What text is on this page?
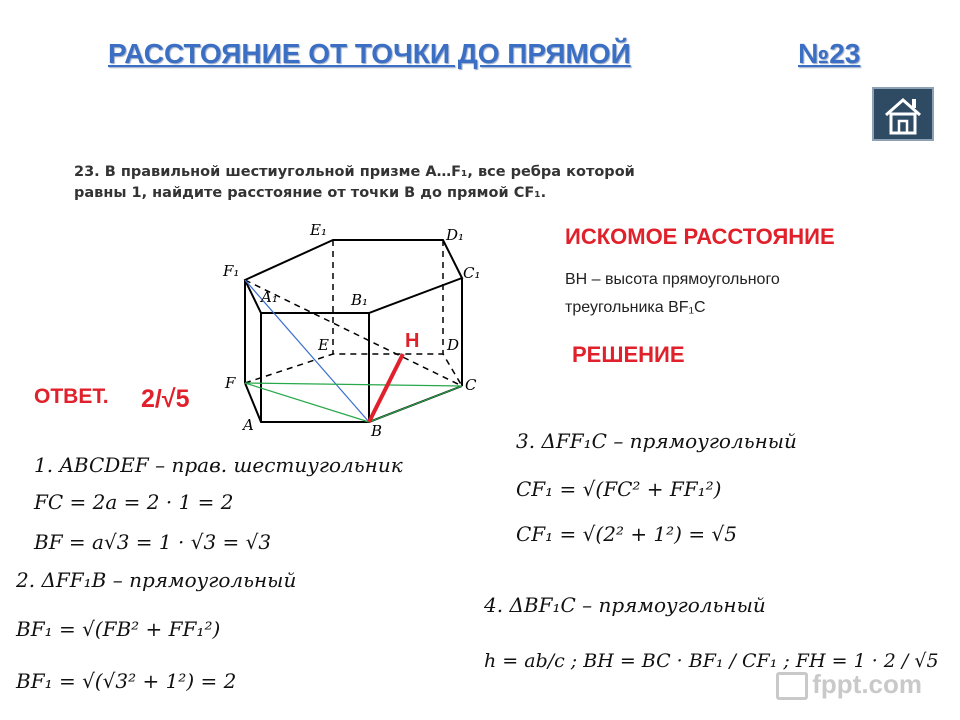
РАССТОЯНИЕ ОТ ТОЧКИ ДО ПРЯМОЙ	№23
23. В правильной шестиугольной призме A…F₁, все ребра которой
равны 1, найдите расстояние от точки B до прямой CF₁.
E₁	D₁
F₁	C₁
A₁	B₁
E	D
F	C
A	B
H
ИСКОМОЕ РАССТОЯНИЕ
BH – высота прямоугольного
треугольника BF₁C
РЕШЕНИЕ
ОТВЕТ. 2/√5
1. ABCDEF – прав. шестиугольник
FC = 2a = 2 · 1 = 2
BF = a√3 = 1 · √3 = √3
2. ΔFF₁B – прямоугольный
BF₁ = √(FB² + FF₁²)
BF₁ = √(√3² + 1²) = 2
3. ΔFF₁C – прямоугольный
CF₁ = √(FC² + FF₁²)
CF₁ = √(2² + 1²) = √5
4. ΔBF₁C – прямоугольный
h = ab/c ; BH = BC · BF₁ / CF₁ ; FH = 1 · 2 / √5
fppt.com
